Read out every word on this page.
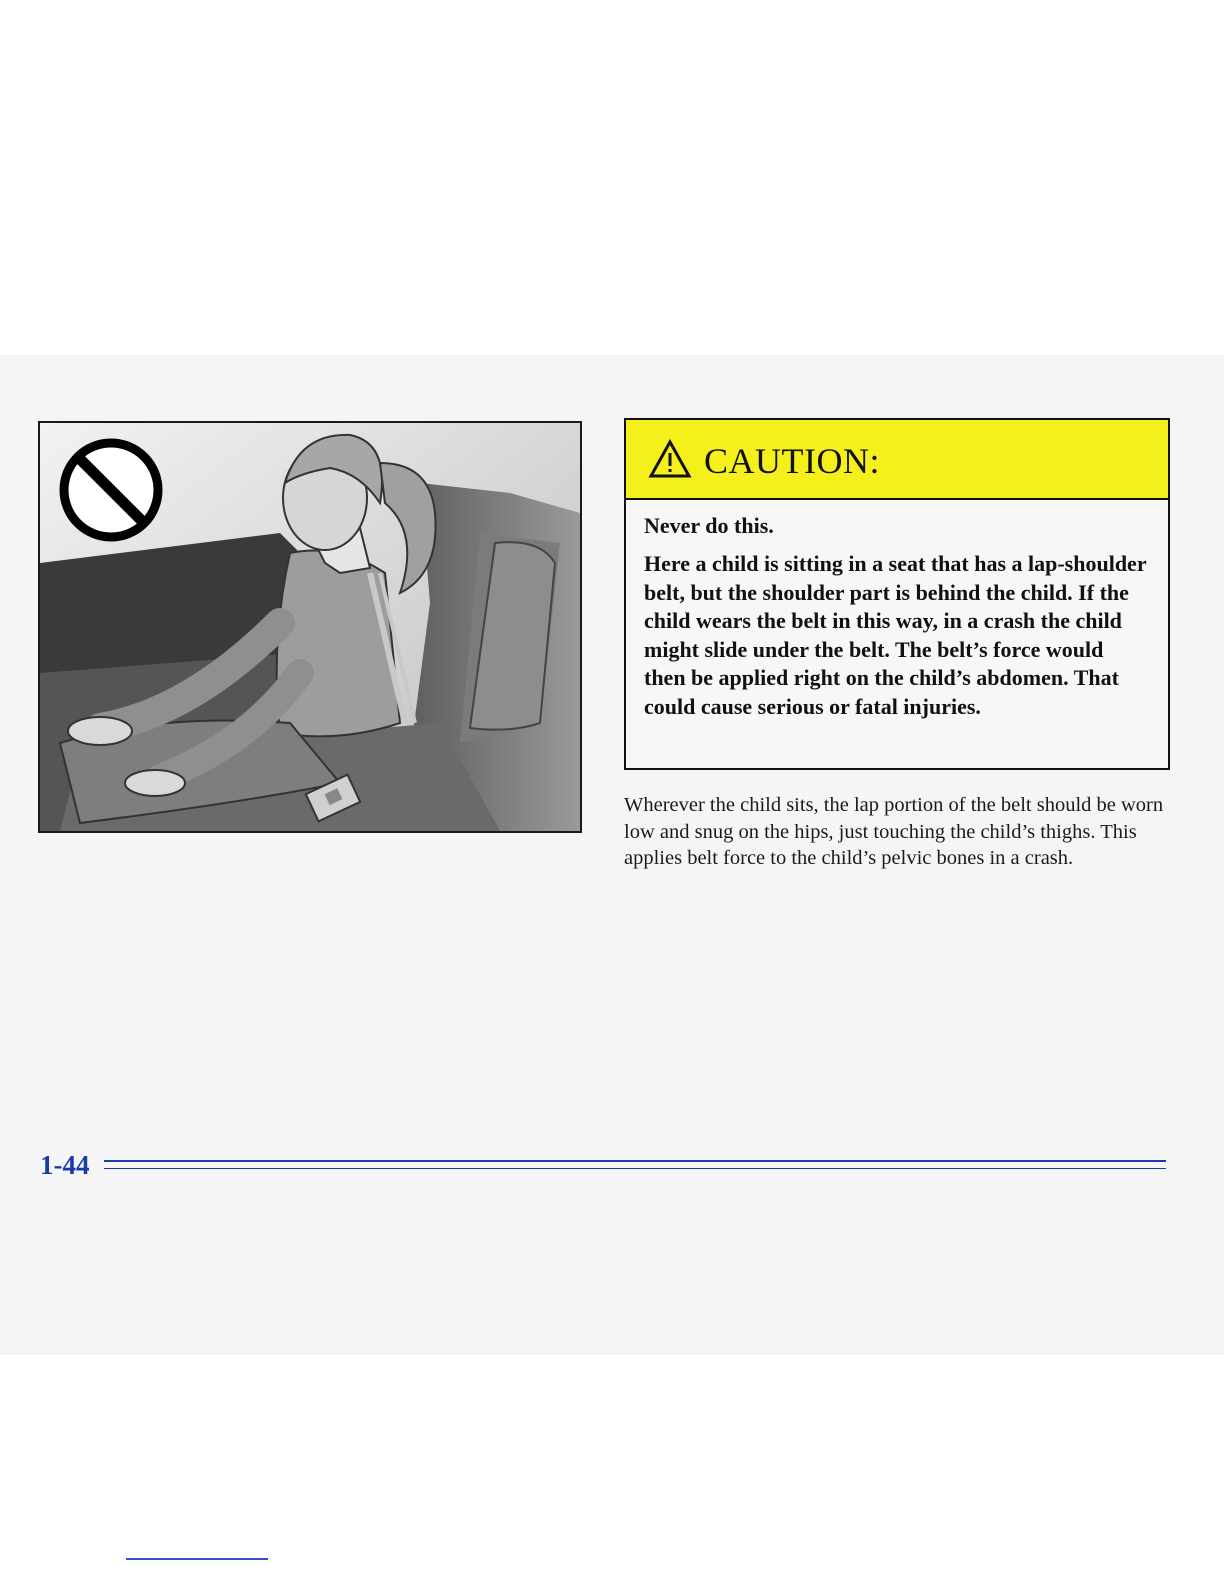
CAUTION:

Never do this.

Here a child is sitting in a seat that has a lap-shoulder belt, but the shoulder part is behind the child. If the child wears the belt in this way, in a crash the child might slide under the belt. The belt’s force would then be applied right on the child’s abdomen. That could cause serious or fatal injuries.

Wherever the child sits, the lap portion of the belt should be worn low and snug on the hips, just touching the child’s thighs. This applies belt force to the child’s pelvic bones in a crash.

1-44
